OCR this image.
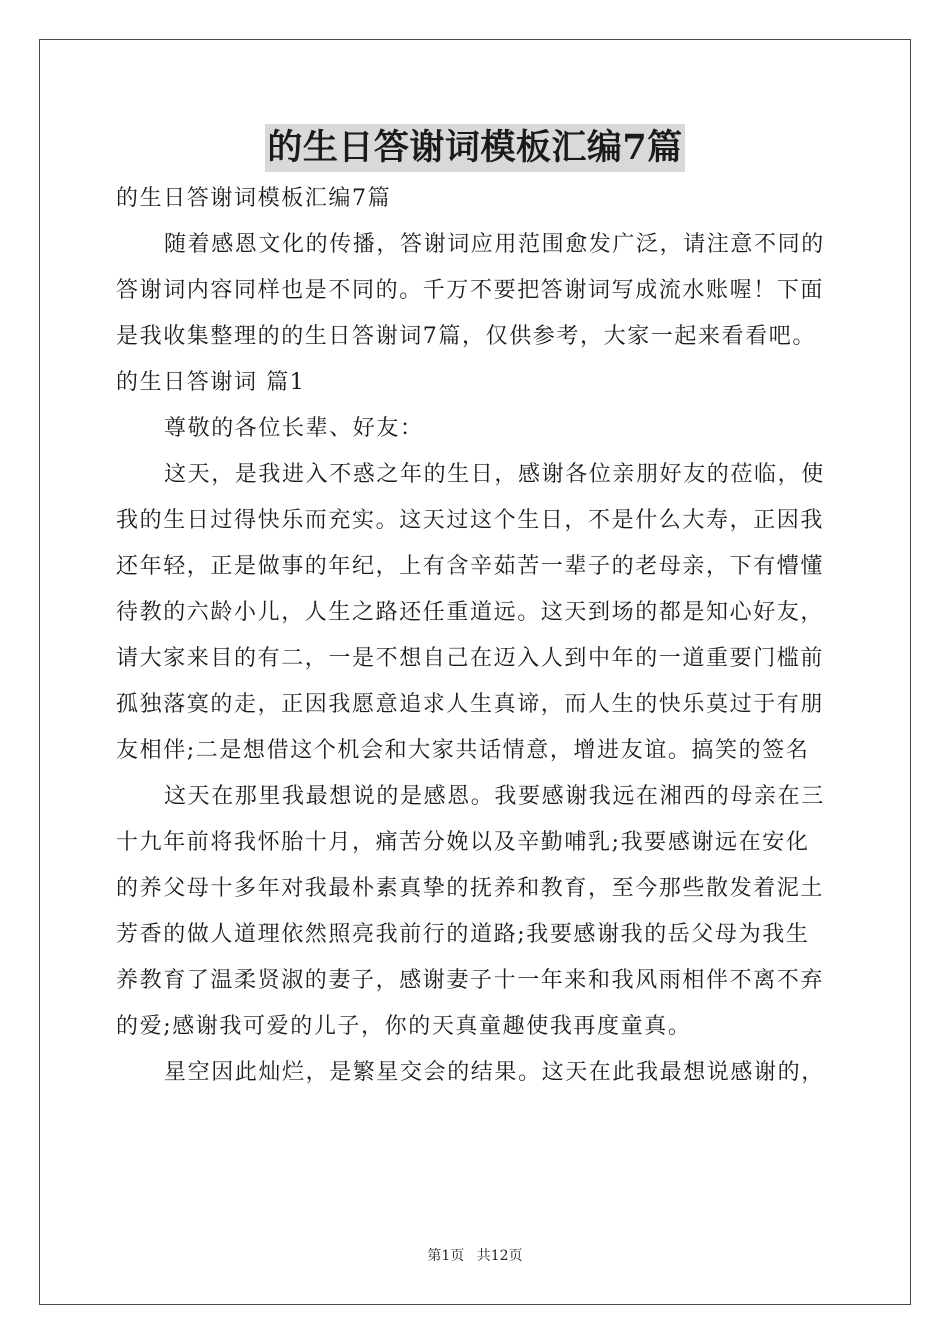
的生日答谢词模板汇编7篇
的生日答谢词模板汇编7篇
随着感恩文化的传播，答谢词应用范围愈发广泛，请注意不同的
答谢词内容同样也是不同的。千万不要把答谢词写成流水账喔！下面
是我收集整理的的生日答谢词7篇，仅供参考，大家一起来看看吧。
的生日答谢词 篇1
尊敬的各位长辈、好友：
这天，是我进入不惑之年的生日，感谢各位亲朋好友的莅临，使
我的生日过得快乐而充实。这天过这个生日，不是什么大寿，正因我
还年轻，正是做事的年纪，上有含辛茹苦一辈子的老母亲，下有懵懂
待教的六龄小儿，人生之路还任重道远。这天到场的都是知心好友，
请大家来目的有二，一是不想自己在迈入人到中年的一道重要门槛前
孤独落寞的走，正因我愿意追求人生真谛，而人生的快乐莫过于有朋
友相伴;二是想借这个机会和大家共话情意，增进友谊。搞笑的签名
这天在那里我最想说的是感恩。我要感谢我远在湘西的母亲在三
十九年前将我怀胎十月，痛苦分娩以及辛勤哺乳;我要感谢远在安化
的养父母十多年对我最朴素真挚的抚养和教育，至今那些散发着泥土
芳香的做人道理依然照亮我前行的道路;我要感谢我的岳父母为我生
养教育了温柔贤淑的妻子，感谢妻子十一年来和我风雨相伴不离不弃
的爱;感谢我可爱的儿子，你的天真童趣使我再度童真。
星空因此灿烂，是繁星交会的结果。这天在此我最想说感谢的，
第1页 共12页
